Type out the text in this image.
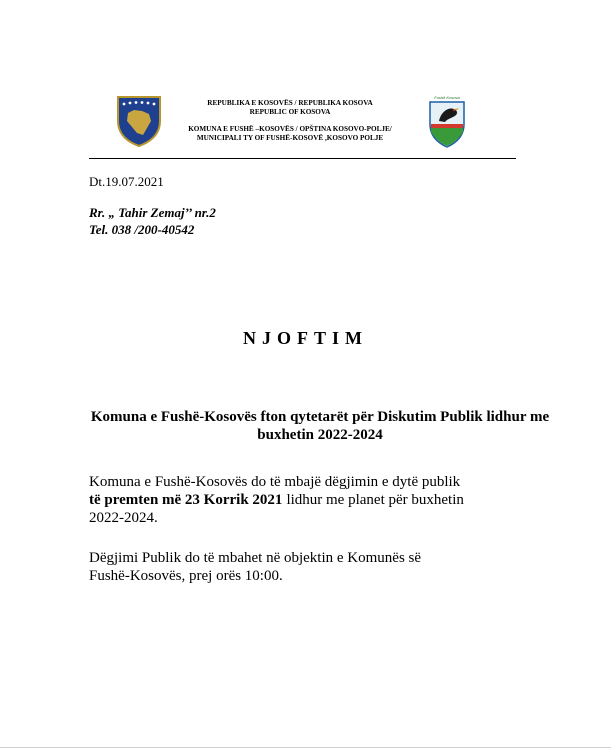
REPUBLIKA E KOSOVËS / REPUBLIKA KOSOVA
REPUBLIC OF KOSOVA
KOMUNA E FUSHË –KOSOVËS / OPŠTINA KOSOVO-POLJE/
MUNICIPALI TY OF FUSHË-KOSOVË ,KOSOVO POLJE
Fushë Kosova
Dt.19.07.2021
Rr. „ Tahir Zemaj’’ nr.2
Tel. 038 /200-40542
NJOFTIM
Komuna e Fushë-Kosovës fton qytetarët për Diskutim Publik lidhur me
buxhetin 2022-2024
Komuna e Fushë-Kosovës do të mbajë dëgjimin e dytë publik
të premten më 23 Korrik 2021 lidhur me planet për buxhetin
2022-2024.
Dëgjimi Publik do të mbahet në objektin e Komunës së
Fushë-Kosovës, prej orës 10:00.
